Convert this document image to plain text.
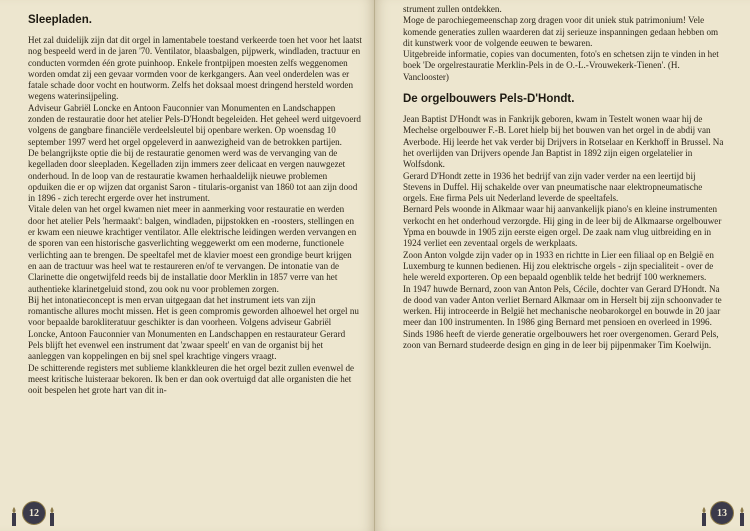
Sleepladen.

Het zal duidelijk zijn dat dit orgel in lamentabele toestand verkeerde toen het voor het laatst nog bespeeld werd in de jaren '70. Ventilator, blaasbalgen, pijpwerk, windladen, tractuur en conducten vormden één grote puinhoop. Enkele frontpijpen moesten zelfs weggenomen worden omdat zij een gevaar vormden voor de kerkgangers. Aan veel onderdelen was er fatale schade door vocht en houtworm. Zelfs het doksaal moest dringend hersteld worden wegens waterinsijpeling.

Adviseur Gabriël Loncke en Antoon Fauconnier van Monumenten en Landschappen zonden de restauratie door het atelier Pels-D'Hondt begeleiden. Het geheel werd uitgevoerd volgens de gangbare financiële verdeelsleutel bij openbare werken. Op woensdag 10 september 1997 werd het orgel opgeleverd in aanwezigheid van de betrokken partijen.

De belangrijkste optie die bij de restauratie genomen werd was de vervanging van de kegelladen door sleepladen. Kegelladen zijn immers zeer delicaat en vergen nauwgezet onderhoud. In de loop van de restauratie kwamen herhaaldelijk nieuwe problemen opduiken die er op wijzen dat organist Saron - titularis-organist van 1860 tot aan zijn dood in 1896 - zich terecht ergerde over het instrument.

Vitale delen van het orgel kwamen niet meer in aanmerking voor restauratie en werden door het atelier Pels 'hermaakt': balgen, windladen, pijpstokken en -roosters, stellingen en er kwam een nieuwe krachtiger ventilator. Alle elektrische leidingen werden vervangen en de sporen van een historische gasverlichting weggewerkt om een moderne, functionele verlichting aan te brengen. De speeltafel met de klavier moest een grondige beurt krijgen en aan de tractuur was heel wat te restaureren en/of te vervangen. De intonatie van de Clarinette die ongetwijfeld reeds bij de installatie door Merklin in 1857 verre van het authentieke klarinetgeluid stond, zou ook nu voor problemen zorgen.

Bij het intonatieconcept is men ervan uitgegaan dat het instrument iets van zijn romantische allures mocht missen. Het is geen compromis geworden alhoewel het orgel nu voor bepaalde barokliteratuur geschikter is dan voorheen. Volgens adviseur Gabriël Loncke, Antoon Fauconnier van Monumenten en Landschappen en restaurateur Gerard Pels blijft het evenwel een instrument dat 'zwaar speelt' en van de organist bij het aanleggen van koppelingen en bij snel spel krachtige vingers vraagt.

De schitterende registers met sublieme klankkleuren die het orgel bezit zullen evenwel de meest kritische luisteraar bekoren. Ik ben er dan ook overtuigd dat alle organisten die het ooit bespelen het grote hart van dit in-

12

strument zullen ontdekken.

Moge de parochiegemeenschap zorg dragen voor dit uniek stuk patrimonium! Vele komende generaties zullen waarderen dat zij serieuze inspanningen gedaan hebben om dit kunstwerk voor de volgende eeuwen te bewaren.

Uitgebreide informatie, copies van documenten, foto's en schetsen zijn te vinden in het boek 'De orgelrestauratie Merklin-Pels in de O.-L.-Vrouwekerk-Tienen'. (H. Vanclooster)

De orgelbouwers Pels-D'Hondt.

Jean Baptist D'Hondt was in Fankrijk geboren, kwam in Testelt wonen waar hij de Mechelse orgelbouwer F.-B. Loret hielp bij het bouwen van het orgel in de abdij van Averbode. Hij leerde het vak verder bij Drijvers in Rotselaar en Kerkhoff in Brussel. Na het overlijden van Drijvers opende Jan Baptist in 1892 zijn eigen orgelatelier in Wolfsdonk.

Gerard D'Hondt zette in 1936 het bedrijf van zijn vader verder na een leertijd bij Stevens in Duffel. Hij schakelde over van pneumatische naar elektropneumatische orgels. Eне firma Pels uit Nederland leverde de speeltafels.

Bernard Pels woonde in Alkmaar waar hij aanvankelijk piano's en kleine instrumenten verkocht en het onderhoud verzorgde. Hij ging in de leer bij de Alkmaarse orgelbouwer Ypma en bouwde in 1905 zijn eerste eigen orgel. De zaak nam vlug uitbreiding en in 1924 verliet een zeventaal orgels de werkplaats.

Zoon Anton volgde zijn vader op in 1933 en richtte in Lier een filiaal op en België en Luxemburg te kunnen bedienen. Hij zou elektrische orgels - zijn specialiteit - over de hele wereld exporteren. Op een bepaald ogenblik telde het bedrijf 100 werknemers.

In 1947 huwde Bernard, zoon van Anton Pels, Cécile, dochter van Gerard D'Hondt. Na de dood van vader Anton verliet Bernard Alkmaar om in Herselt bij zijn schoonvader te werken. Hij introceerde in België het mechanische neobarokorgel en bouwde in 20 jaar meer dan 100 instrumenten. In 1986 ging Bernard met pensioen en overleed in 1996.

Sinds 1986 heeft de vierde generatie orgelbouwers het roer overgenomen. Gerard Pels, zoon van Bernard studeerde design en ging in de leer bij pijpenmaker Tim Koelwijn.

13
